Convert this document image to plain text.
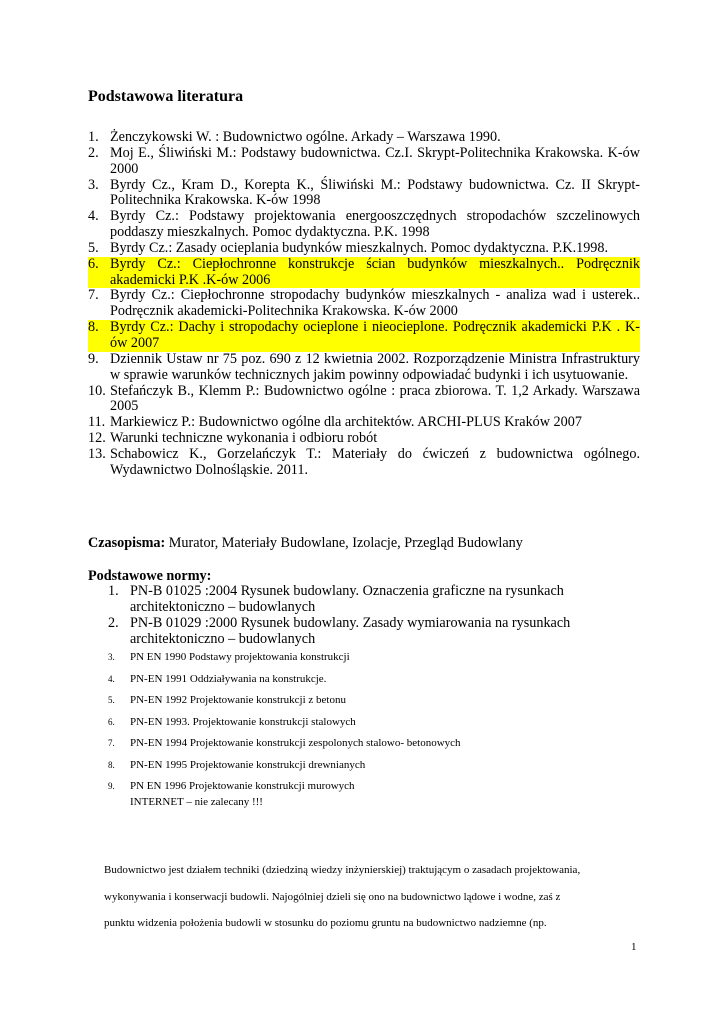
Podstawowa literatura
1. Żenczykowski W. : Budownictwo ogólne. Arkady – Warszawa 1990.
2. Moj E., Śliwiński M.: Podstawy budownictwa. Cz.I. Skrypt-Politechnika Krakowska. K-ów 2000
3. Byrdy Cz., Kram D., Korepta K., Śliwiński M.: Podstawy budownictwa. Cz. II Skrypt-Politechnika Krakowska. K-ów 1998
4. Byrdy Cz.: Podstawy projektowania energooszczędnych stropodachów szczelinowych poddaszy mieszkalnych. Pomoc dydaktyczna. P.K. 1998
5. Byrdy Cz.: Zasady ocieplania budynków mieszkalnych. Pomoc dydaktyczna. P.K.1998.
6. Byrdy Cz.: Ciepłochronne konstrukcje ścian budynków mieszkalnych.. Podręcznik akademicki P.K .K-ów 2006
7. Byrdy Cz.: Ciepłochronne stropodachy budynków mieszkalnych - analiza wad i usterek.. Podręcznik akademicki-Politechnika Krakowska. K-ów 2000
8. Byrdy Cz.: Dachy i stropodachy ocieplone i nieocieplone. Podręcznik akademicki P.K . K-ów 2007
9. Dziennik Ustaw nr 75 poz. 690 z 12 kwietnia 2002. Rozporządzenie Ministra Infrastruktury w sprawie warunków technicznych jakim powinny odpowiadać budynki i ich usytuowanie.
10. Stefańczyk B., Klemm P.: Budownictwo ogólne : praca zbiorowa. T. 1,2 Arkady. Warszawa 2005
11. Markiewicz P.: Budownictwo ogólne dla architektów. ARCHI-PLUS Kraków 2007
12. Warunki techniczne wykonania i odbioru robót
13. Schabowicz K., Gorzelańczyk T.: Materiały do ćwiczeń z budownictwa ogólnego. Wydawnictwo Dolnośląskie. 2011.
Czasopisma: Murator, Materiały Budowlane, Izolacje, Przegląd Budowlany
Podstawowe normy:
1. PN-B 01025 :2004 Rysunek budowlany. Oznaczenia graficzne na rysunkach architektoniczno – budowlanych
2. PN-B 01029 :2000 Rysunek budowlany. Zasady wymiarowania na rysunkach architektoniczno – budowlanych
3. PN EN 1990 Podstawy projektowania konstrukcji
4. PN-EN 1991 Oddziaływania na konstrukcje.
5. PN-EN 1992 Projektowanie konstrukcji z betonu
6. PN-EN 1993. Projektowanie konstrukcji stalowych
7. PN-EN 1994 Projektowanie konstrukcji zespolonych stalowo- betonowych
8. PN-EN 1995 Projektowanie konstrukcji drewnianych
9. PN EN 1996 Projektowanie konstrukcji murowych
INTERNET – nie zalecany !!!
Budownictwo jest działem techniki (dziedziną wiedzy inżynierskiej) traktującym o zasadach projektowania,
wykonywania i konserwacji budowli. Najogólniej dzieli się ono na budownictwo lądowe i wodne, zaś z
punktu widzenia położenia budowli w stosunku do poziomu gruntu na budownictwo nadziemne (np.
1
